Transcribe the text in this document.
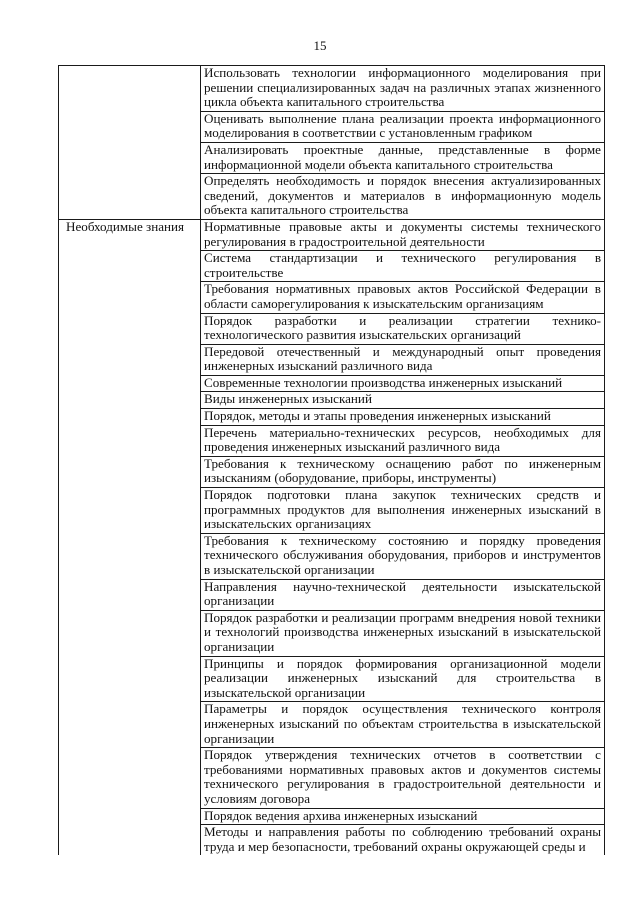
15
	Использовать технологии информационного моделирования при решении специализированных задач на различных этапах жизненного цикла объекта капитального строительства
	Оценивать выполнение плана реализации проекта информационного моделирования в соответствии с установленным графиком
	Анализировать проектные данные, представленные в форме информационной модели объекта капитального строительства
	Определять необходимость и порядок внесения актуализированных сведений, документов и материалов в информационную модель объекта капитального строительства
Необходимые знания	Нормативные правовые акты и документы системы технического регулирования в градостроительной деятельности
	Система стандартизации и технического регулирования в строительстве
	Требования нормативных правовых актов Российской Федерации в области саморегулирования к изыскательским организациям
	Порядок разработки и реализации стратегии технико-технологического развития изыскательских организаций
	Передовой отечественный и международный опыт проведения инженерных изысканий различного вида
	Современные технологии производства инженерных изысканий
	Виды инженерных изысканий
	Порядок, методы и этапы проведения инженерных изысканий
	Перечень материально-технических ресурсов, необходимых для проведения инженерных изысканий различного вида
	Требования к техническому оснащению работ по инженерным изысканиям (оборудование, приборы, инструменты)
	Порядок подготовки плана закупок технических средств и программных продуктов для выполнения инженерных изысканий в изыскательских организациях
	Требования к техническому состоянию и порядку проведения технического обслуживания оборудования, приборов и инструментов в изыскательской организации
	Направления научно-технической деятельности изыскательской организации
	Порядок разработки и реализации программ внедрения новой техники и технологий производства инженерных изысканий в изыскательской организации
	Принципы и порядок формирования организационной модели реализации инженерных изысканий для строительства в изыскательской организации
	Параметры и порядок осуществления технического контроля инженерных изысканий по объектам строительства в изыскательской организации
	Порядок утверждения технических отчетов в соответствии с требованиями нормативных правовых актов и документов системы технического регулирования в градостроительной деятельности и условиям договора
	Порядок ведения архива инженерных изысканий
	Методы и направления работы по соблюдению требований охраны труда и мер безопасности, требований охраны окружающей среды и
